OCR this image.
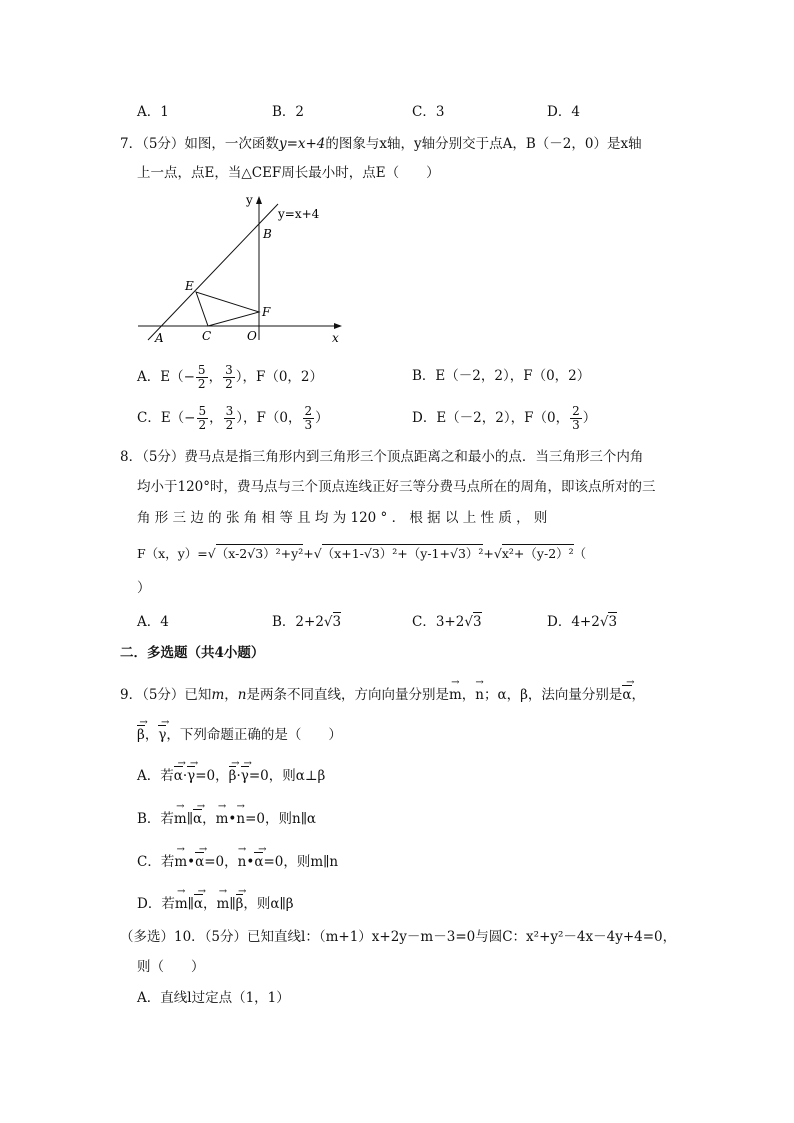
A．1	B．2	C．3	D．4
7．（5分）如图，一次函数y=x+4的图象与x轴，y轴分别交于点A，B（－2，0）是x轴
上一点，点E，当△CEF周长最小时，点E（　　）
y
x
y=x+4
B
E
F
C	O
A
A．$E(- \frac{5}{2}$ ， $\frac{3}{2}$ ），F（0，2）	B．E（－2，2），F（0，2）
C．$E(- \frac{5}{2}$ ， $\frac{3}{2}$ ），F（0， $\frac{2}{3}$ ）	D．E（－2，2），F（0， $\frac{2}{3}$ ）
8．（5分）费马点是指三角形内到三角形三个顶点距离之和最小的点．当三角形三个内角
均小于120°时，费马点与三个顶点连线正好三等分费马点所在的周角，即该点所对的三
角 形 三 边 的 张 角 相 等 且 均 为 120 ° ． 根 据 以 上 性 质 ， 则
F（x，y）=√（x-2√3）²+y²+√（x+1-√3）²+（y-1+√3）²+√x²+（y-2）²（
）
A．4	B．2+2√3	C．3+2√3	D．4+2√3
二．多选题（共4小题）
9．（5分）已知m，n是两条不同直线，方向向量分别是→ m，→ n；α，β，法向量分别是→ α，
→ β，→ γ，下列命题正确的是（　　）
A．若→ α·→ γ=0，→ β·→ γ=0，则α⊥β
B．若→ m∥→ α，→ m•→ n=0，则n∥α
C．若→ m•→ α=0，→ n•→ α=0，则m∥n
D．若→ m∥→ α，→ m∥→ β，则α∥β
（多选）10．（5分）已知直线l：（m+1）x+2y－m－3=0与圆C：x²+y²－4x－4y+4=0，
则（　　）
A．直线l过定点（1，1）
